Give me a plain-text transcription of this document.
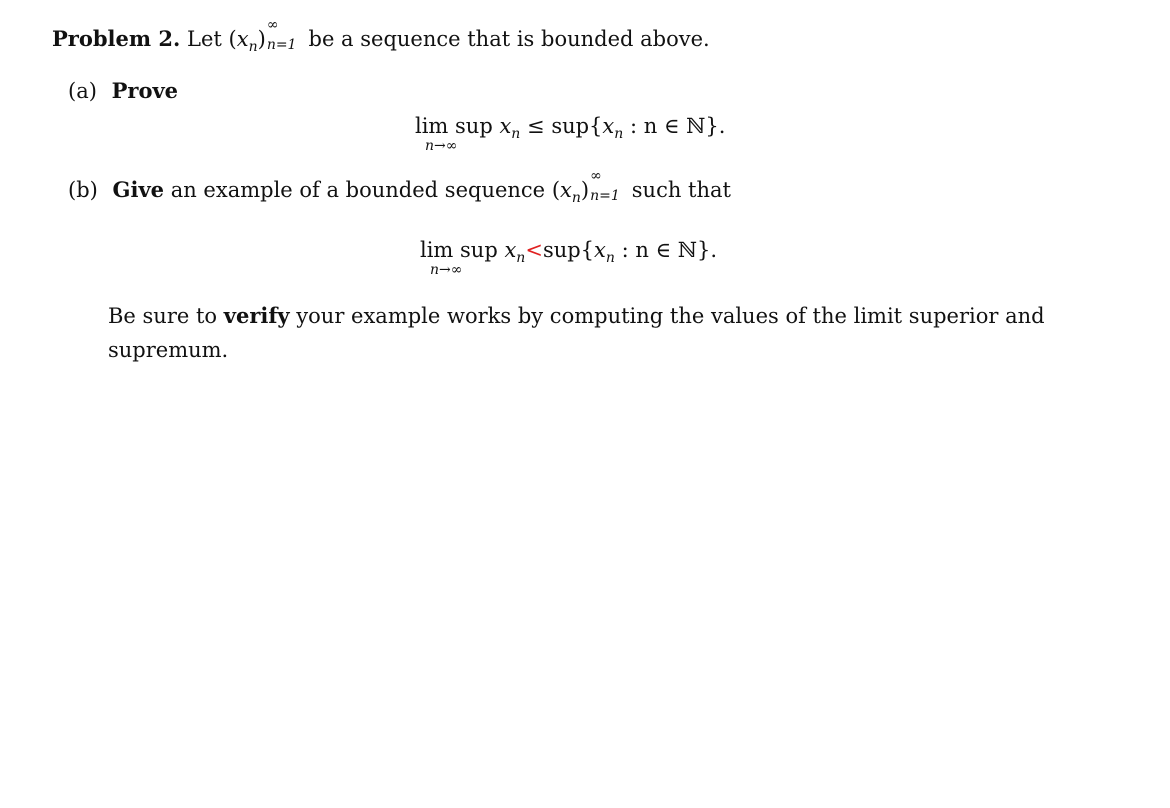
Problem 2. Let $(x_n)$
∞
n=1 be a sequence that is bounded above.
(a) Prove
lim sup
n→∞
$x_n \le sup\{x_n$ : n ∈ ℕ}.
(b) Give an example of a bounded sequence $(x_n)$
∞
n=1 such that
lim sup
n→∞
$x_n<sup\{x_n$ : n ∈ ℕ}.
Be sure to verify your example works by computing the values of the limit superior and
supremum.
